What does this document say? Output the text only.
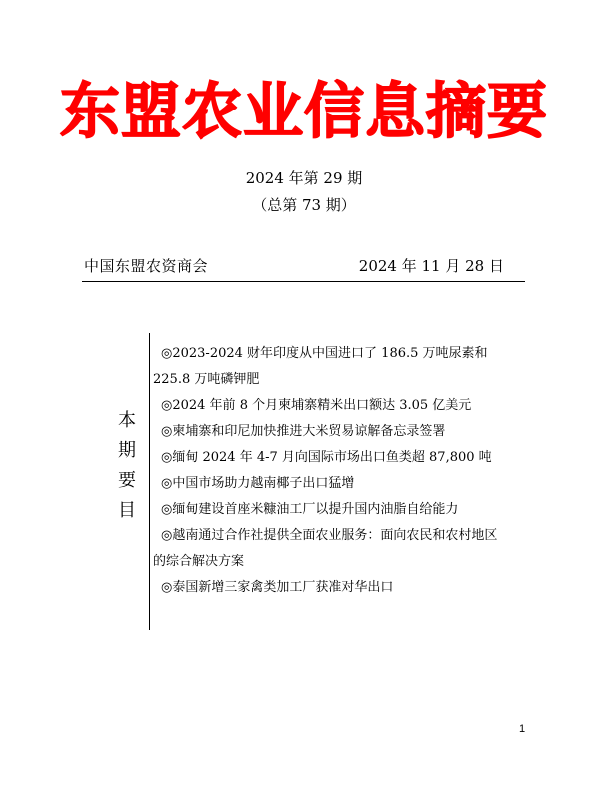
东盟农业信息摘要
2024 年第 29 期
（总第 73 期）
中国东盟农资商会	2024 年 11 月 28 日
本
期
要
目
◎2023-2024 财年印度从中国进口了 186.5 万吨尿素和
225.8 万吨磷钾肥
◎2024 年前 8 个月柬埔寨精米出口额达 3.05 亿美元
◎柬埔寨和印尼加快推进大米贸易谅解备忘录签署
◎缅甸 2024 年 4-7 月向国际市场出口鱼类超 87,800 吨
◎中国市场助力越南椰子出口猛增
◎缅甸建设首座米糠油工厂以提升国内油脂自给能力
◎越南通过合作社提供全面农业服务：面向农民和农村地区
的综合解决方案
◎泰国新增三家禽类加工厂获准对华出口
1
